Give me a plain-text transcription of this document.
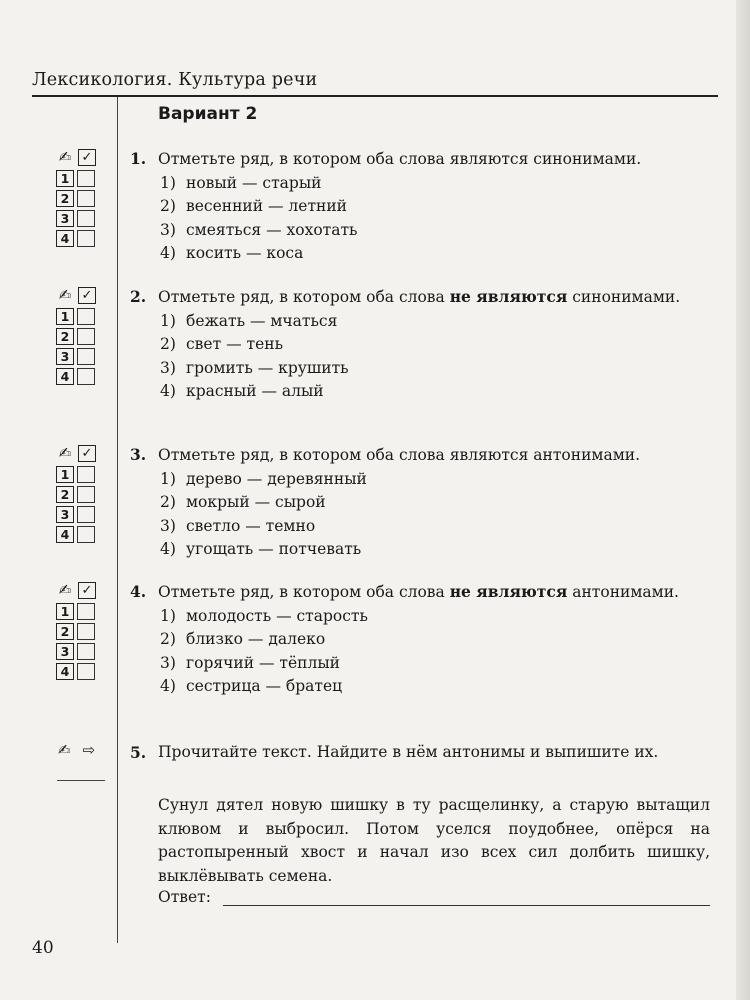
Лексикология. Культура речи
Вариант 2
✍ ✓
1
2
3
4
✍ ✓
1
2
3
4
✍ ✓
1
2
3
4
✍ ✓
1
2
3
4
1. Отметьте ряд, в котором оба слова являются синонимами.
1) новый — старый
2) весенний — летний
3) смеяться — хохотать
4) косить — коса
2. Отметьте ряд, в котором оба слова не являются синонимами.
1) бежать — мчаться
2) свет — тень
3) громить — крушить
4) красный — алый
3. Отметьте ряд, в котором оба слова являются антонимами.
1) дерево — деревянный
2) мокрый — сырой
3) светло — темно
4) угощать — потчевать
4. Отметьте ряд, в котором оба слова не являются антонимами.
1) молодость — старость
2) близко — далеко
3) горячий — тёплый
4) сестрица — братец
✍ ⇨ 5. Прочитайте текст. Найдите в нём антонимы и выпишите их.
Сунул дятел новую шишку в ту расщелинку, а старую вытащил клювом и выбросил. Потом уселся поудобнее, опёрся на растопыренный хвост и начал изо всех сил долбить шишку, выклёвывать семена.
Ответ:
40
